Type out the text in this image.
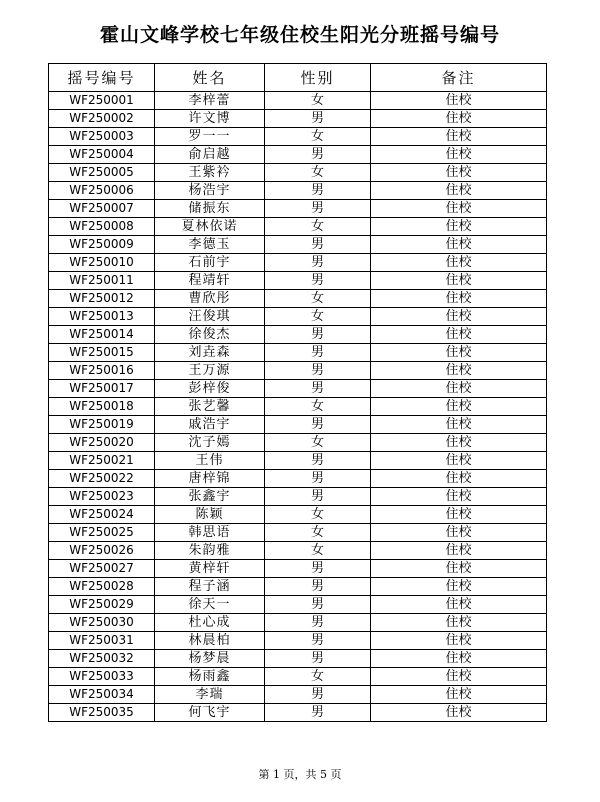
霍山文峰学校七年级住校生阳光分班摇号编号
摇号编号	姓名	性别	备注
WF250001	李梓蕾	女	住校
WF250002	许文博	男	住校
WF250003	罗一一	女	住校
WF250004	俞启越	男	住校
WF250005	王紫衿	女	住校
WF250006	杨浩宇	男	住校
WF250007	储振东	男	住校
WF250008	夏林依诺	女	住校
WF250009	李德玉	男	住校
WF250010	石前宇	男	住校
WF250011	程靖轩	男	住校
WF250012	曹欣彤	女	住校
WF250013	汪俊琪	女	住校
WF250014	徐俊杰	男	住校
WF250015	刘垚森	男	住校
WF250016	王万源	男	住校
WF250017	彭梓俊	男	住校
WF250018	张艺馨	女	住校
WF250019	戚浩宇	男	住校
WF250020	沈子嫣	女	住校
WF250021	王伟	男	住校
WF250022	唐梓锦	男	住校
WF250023	张鑫宇	男	住校
WF250024	陈颖	女	住校
WF250025	韩思语	女	住校
WF250026	朱韵雅	女	住校
WF250027	黄梓轩	男	住校
WF250028	程子涵	男	住校
WF250029	徐天一	男	住校
WF250030	杜心成	男	住校
WF250031	林晨柏	男	住校
WF250032	杨梦晨	男	住校
WF250033	杨雨鑫	女	住校
WF250034	李瑞	男	住校
WF250035	何飞宇	男	住校
第 1 页，共 5 页
